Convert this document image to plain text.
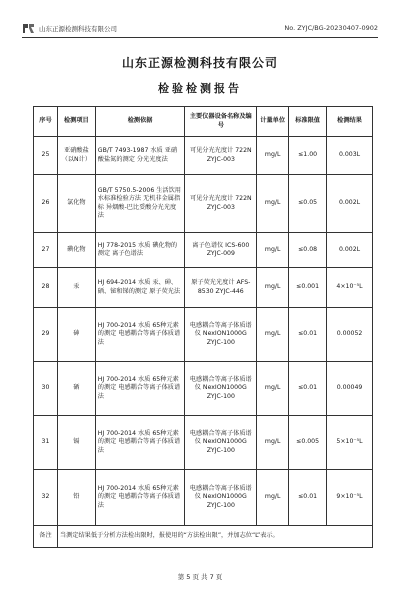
山东正源检测科技有限公司	No. ZYJC/BG-20230407-0902
山东正源检测科技有限公司
检验检测报告
序号	检测项目	检测依据	主要仪器设备名称及编号	计量单位	标准限值	检测结果
25	亚硝酸盐（以N计）	GB/T 7493-1987 水质 亚硝酸盐氮的测定 分光光度法	可见分光光度计 722N ZYJC-003	mg/L	≤1.00	0.003L
26	氯化物	GB/T 5750.5-2006 生活饮用水标准检验方法 无机非金属指标 异烟酸-巴比妥酸分光光度法	可见分光光度计 722N ZYJC-003	mg/L	≤0.05	0.002L
27	碘化物	HJ 778-2015 水质 碘化物的测定 离子色谱法	离子色谱仪 ICS-600 ZYJC-009	mg/L	≤0.08	0.002L
28	汞	HJ 694-2014 水质 汞、砷、硒、铋和锑的测定 原子荧光法	原子荧光光度计 AFS-8530 ZYJC-446	mg/L	≤0.001	4×10⁻⁵L
29	砷	HJ 700-2014 水质 65种元素的测定 电感耦合等离子体质谱法	电感耦合等离子体质谱仪 NexION1000G ZYJC-100	mg/L	≤0.01	0.00052
30	硒	HJ 700-2014 水质 65种元素的测定 电感耦合等离子体质谱法	电感耦合等离子体质谱仪 NexION1000G ZYJC-100	mg/L	≤0.01	0.00049
31	镉	HJ 700-2014 水质 65种元素的测定 电感耦合等离子体质谱法	电感耦合等离子体质谱仪 NexION1000G ZYJC-100	mg/L	≤0.005	5×10⁻⁵L
32	铅	HJ 700-2014 水质 65种元素的测定 电感耦合等离子体质谱法	电感耦合等离子体质谱仪 NexION1000G ZYJC-100	mg/L	≤0.01	9×10⁻⁵L
备注	当测定结果低于分析方法检出限时，报使用的“方法检出限”，并加志位“L”表示。					
第 5 页 共 7 页
